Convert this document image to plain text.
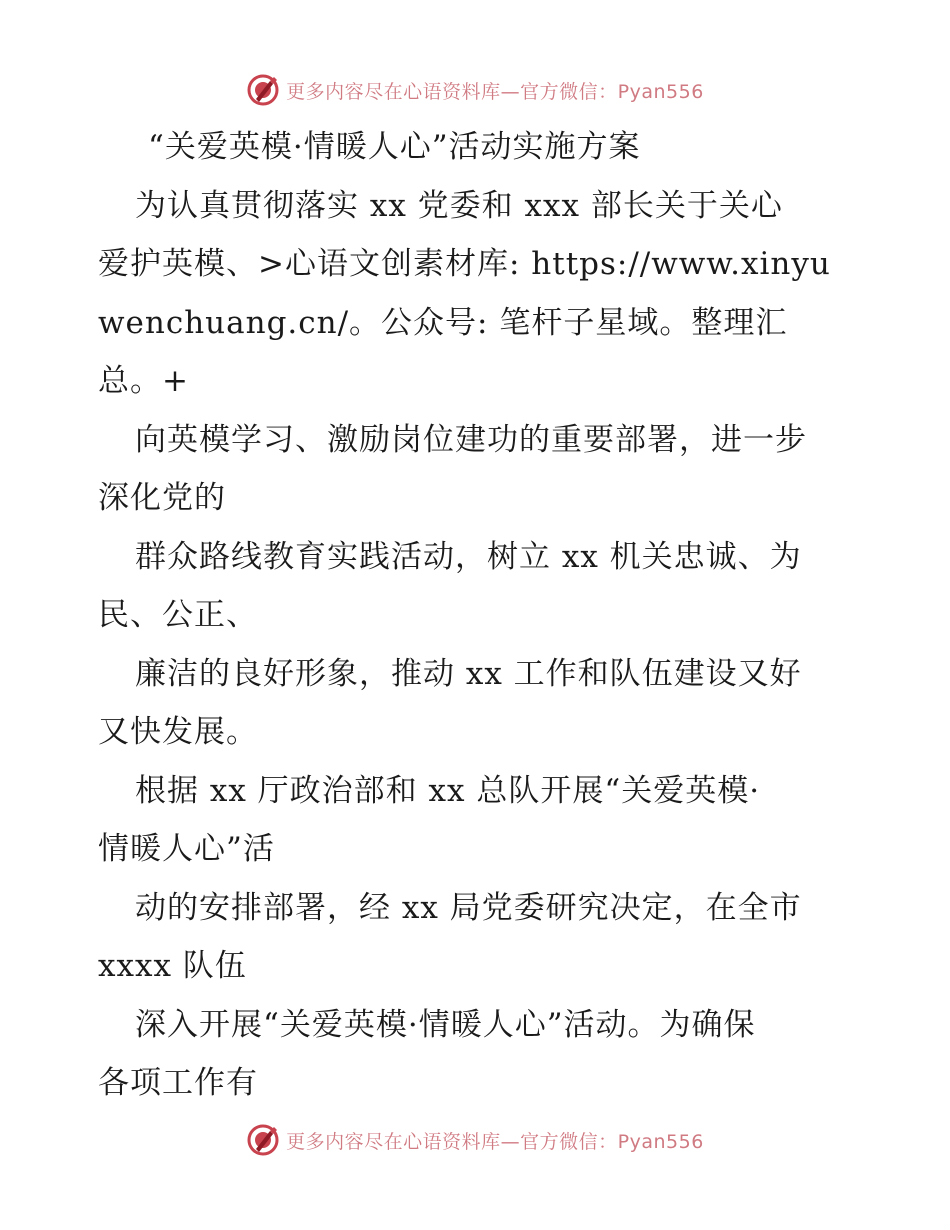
更多内容尽在心语资料库—官方微信：Pyan556
“关爱英模·情暖人心”活动实施方案
为认真贯彻落实 xx 党委和 xxx 部长关于关心
爱护英模、>心语文创素材库: https://www.xinyu
wenchuang.cn/。公众号: 笔杆子星域。整理汇
总。+
向英模学习、激励岗位建功的重要部署，进一步
深化党的
群众路线教育实践活动，树立 xx 机关忠诚、为
民、公正、
廉洁的良好形象，推动 xx 工作和队伍建设又好
又快发展。
根据 xx 厅政治部和 xx 总队开展“关爱英模·
情暖人心”活
动的安排部署，经 xx 局党委研究决定，在全市
xxxx 队伍
深入开展“关爱英模·情暖人心”活动。为确保
各项工作有
更多内容尽在心语资料库—官方微信：Pyan556
